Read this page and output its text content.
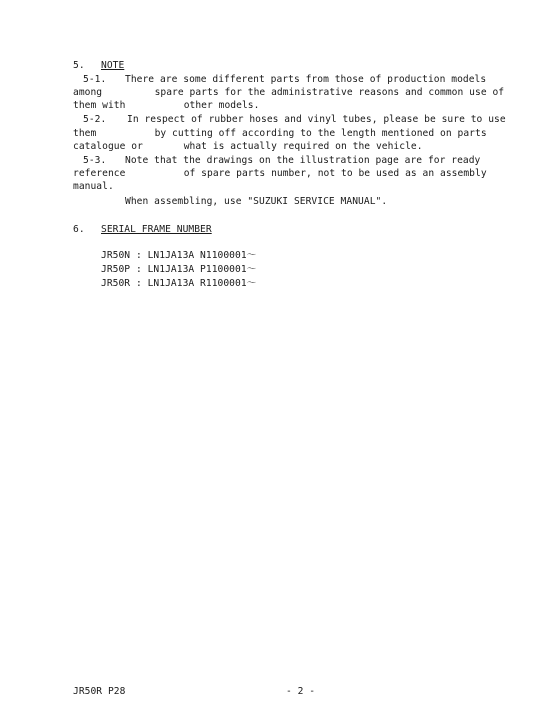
5. NOTE
5-1. There are some different parts from those of production models
among         spare parts for the administrative reasons and common use of
them with          other models.
5-2. In respect of rubber hoses and vinyl tubes, please be sure to use
them          by cutting off according to the length mentioned on parts
catalogue or       what is actually required on the vehicle.
5-3. Note that the drawings on the illustration page are for ready
reference          of spare parts number, not to be used as an assembly
manual.
When assembling, use "SUZUKI SERVICE MANUAL".
6. SERIAL FRAME NUMBER
JR50N : LN1JA13A N1100001～
JR50P : LN1JA13A P1100001～
JR50R : LN1JA13A R1100001～
JR50R P28	- 2 -
